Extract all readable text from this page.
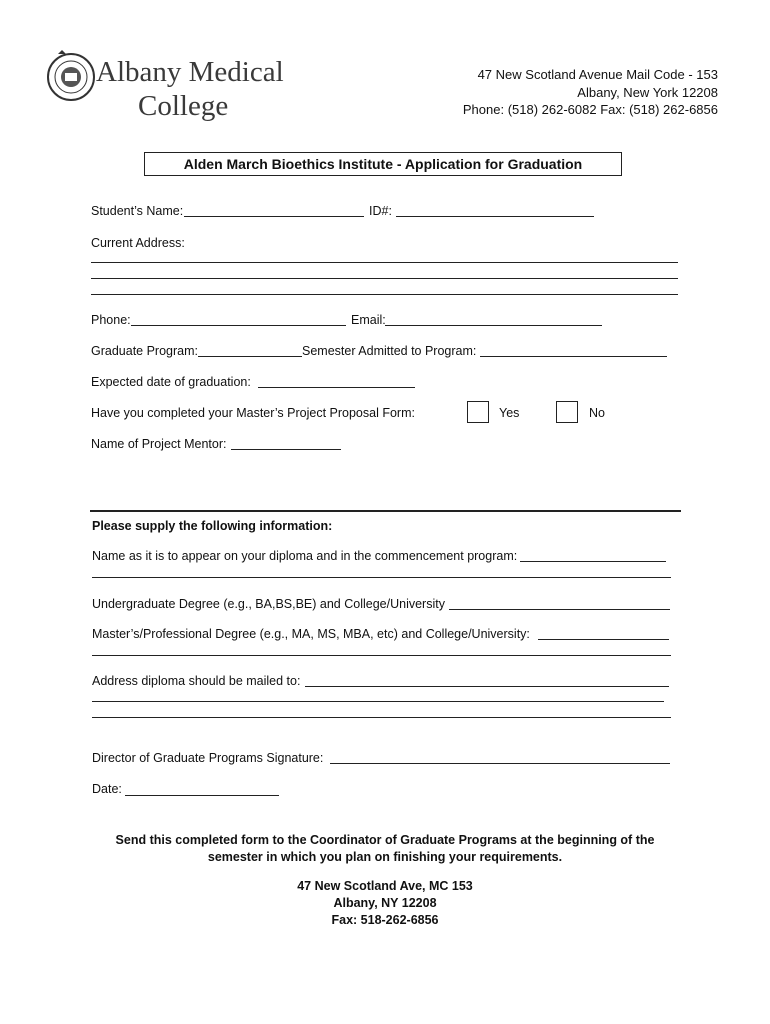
Albany Medical
College
47 New Scotland Avenue Mail Code - 153
Albany, New York 12208
Phone: (518) 262-6082 Fax: (518) 262-6856
Alden March Bioethics Institute - Application for Graduation
Student’s Name:	ID#:
Current Address:
Phone:	Email:
Graduate Program:	Semester Admitted to Program:
Expected date of graduation:
Have you completed your Master’s Project Proposal Form:	Yes	No
Name of Project Mentor:
Please supply the following information:
Name as it is to appear on your diploma and in the commencement program:
Undergraduate Degree (e.g., BA,BS,BE) and College/University
Master’s/Professional Degree (e.g., MA, MS, MBA, etc) and College/University:
Address diploma should be mailed to:
Director of Graduate Programs Signature:
Date:
Send this completed form to the Coordinator of Graduate Programs at the beginning of the
semester in which you plan on finishing your requirements.
47 New Scotland Ave, MC 153
Albany, NY 12208
Fax: 518-262-6856
